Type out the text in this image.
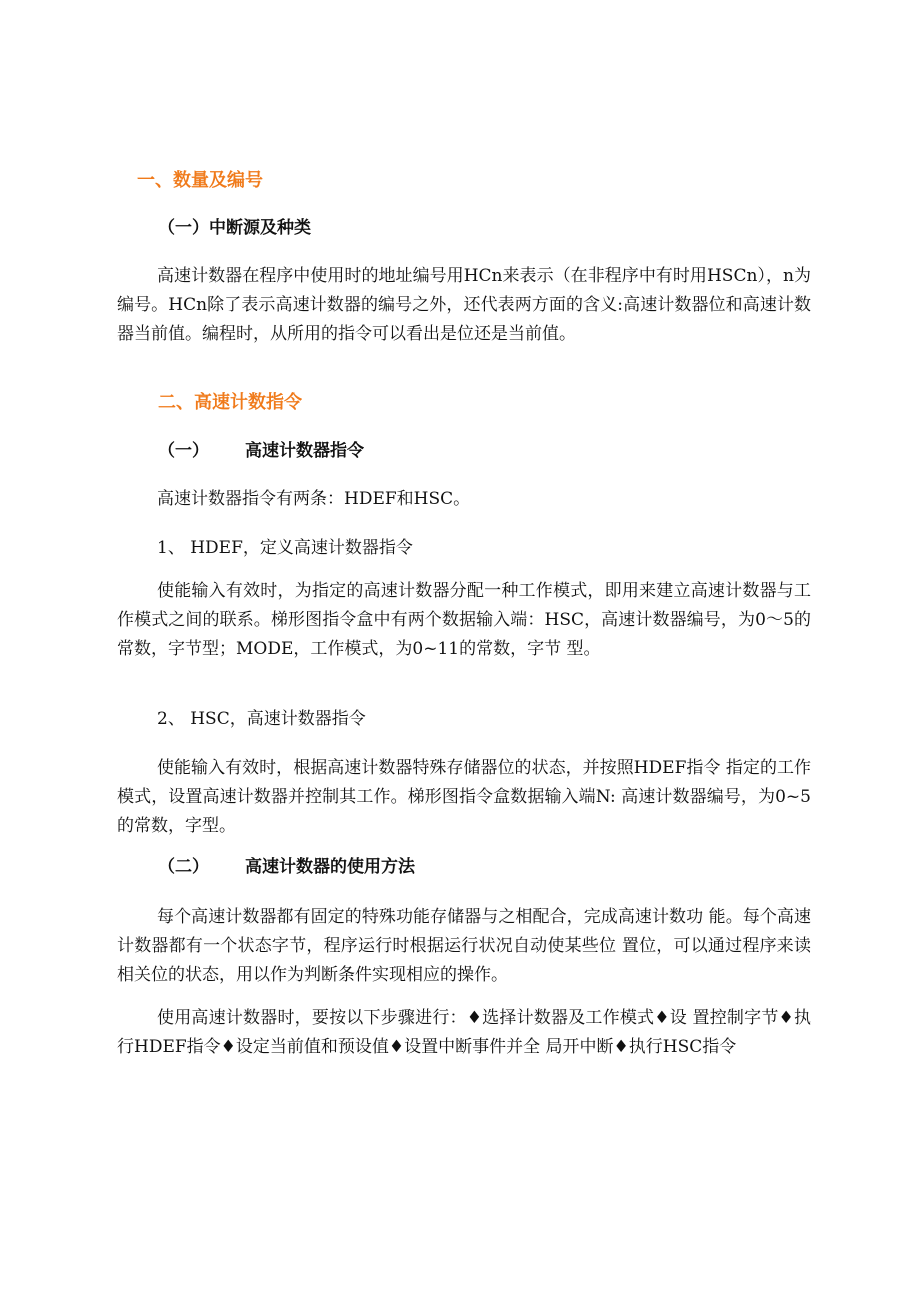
一、数量及编号
（一）中断源及种类

高速计数器在程序中使用时的地址编号用HCn来表示（在非程序中有时用HSCn），n为编号。HCn除了表示高速计数器的编号之外，还代表两方面的含义:高速计数器位和高速计数器当前值。编程时，从所用的指令可以看出是位还是当前值。

二、高速计数指令
（一） 高速计数器指令
高速计数器指令有两条：HDEF和HSC。
1、 HDEF，定义高速计数器指令

使能输入有效时，为指定的高速计数器分配一种工作模式，即用来建立高速计数器与工作模式之间的联系。梯形图指令盒中有两个数据输入端：HSC，高速计数器编号，为0～5的常数，字节型；MODE，工作模式，为0~11的常数，字节 型。

2、 HSC，高速计数器指令

使能输入有效时，根据高速计数器特殊存储器位的状态，并按照HDEF指令 指定的工作模式，设置高速计数器并控制其工作。梯形图指令盒数据输入端N: 高速计数器编号，为0~5的常数，字型。

（二） 高速计数器的使用方法

每个高速计数器都有固定的特殊功能存储器与之相配合，完成高速计数功 能。每个高速计数器都有一个状态字节，程序运行时根据运行状况自动使某些位 置位，可以通过程序来读相关位的状态，用以作为判断条件实现相应的操作。

使用高速计数器时，要按以下步骤进行：♦选择计数器及工作模式♦设 置控制字节♦执行HDEF指令♦设定当前值和预设值♦设置中断事件并全 局开中断♦执行HSC指令
